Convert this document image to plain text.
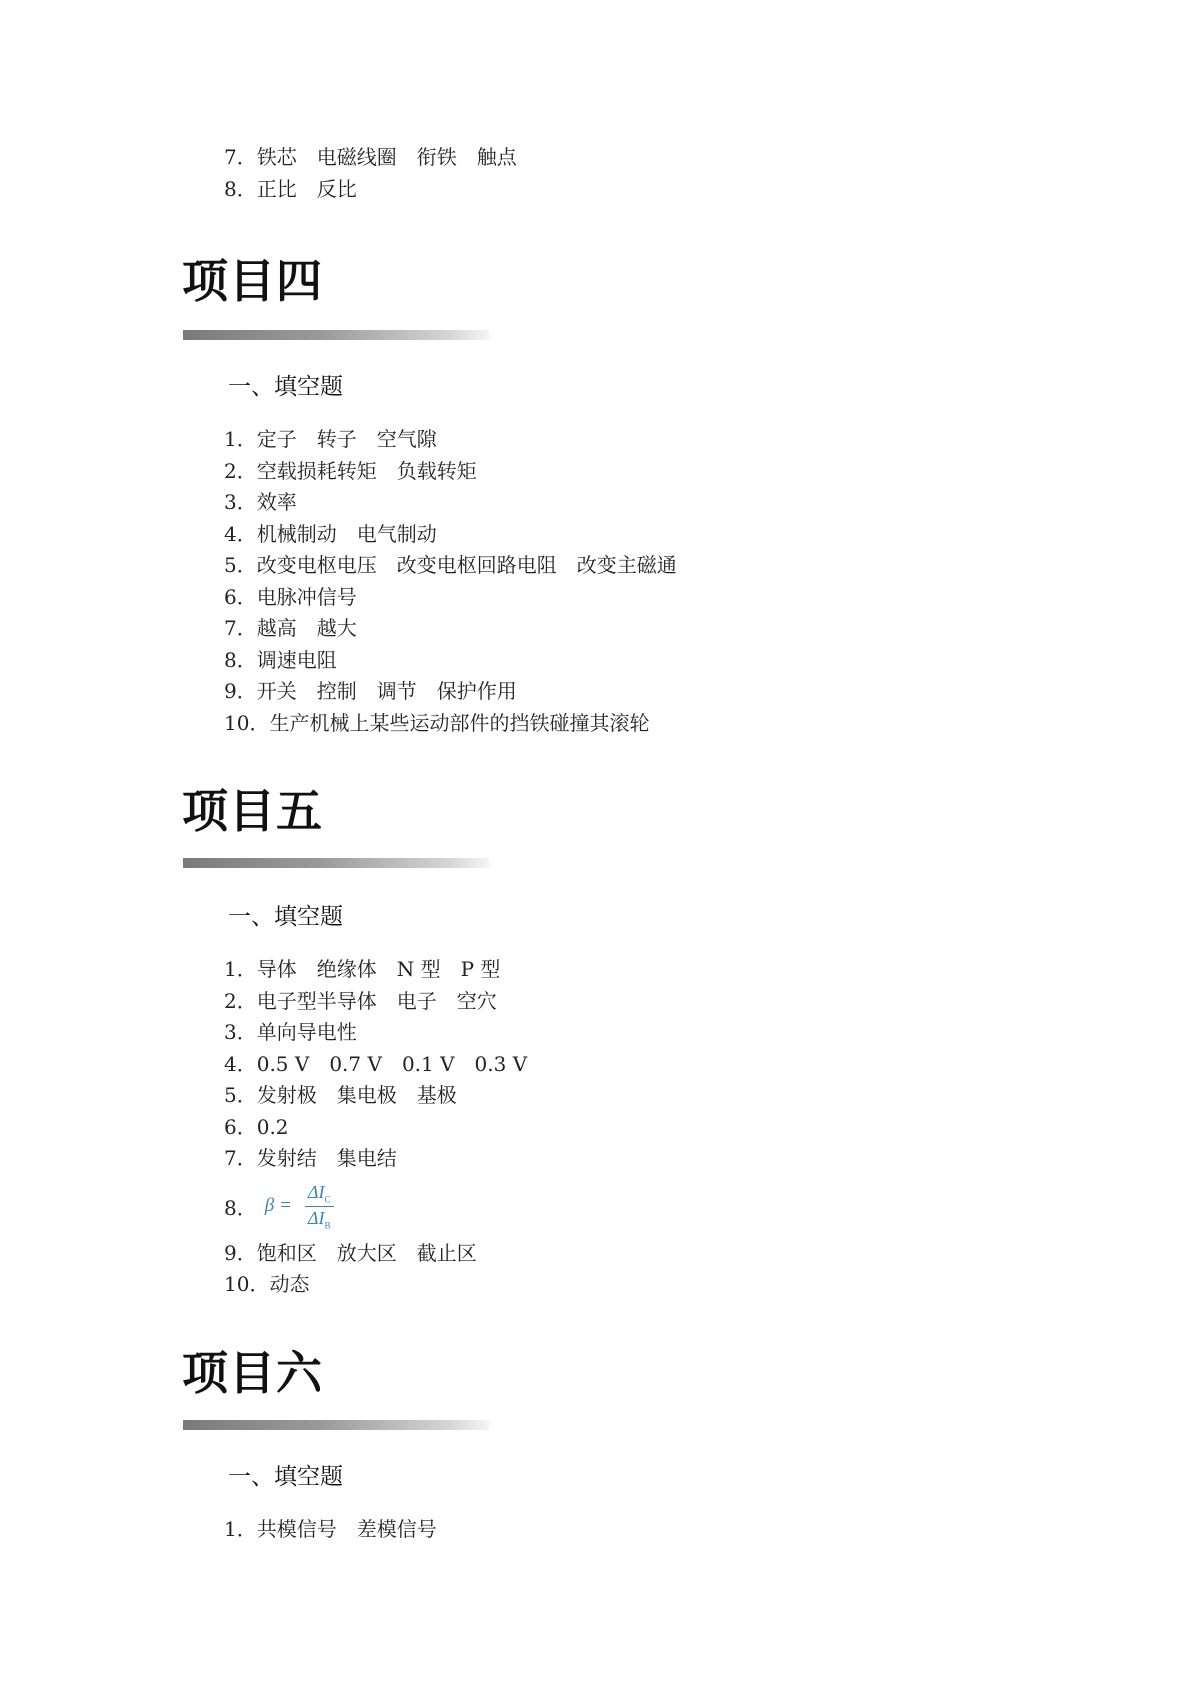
7．铁芯　电磁线圈　衔铁　触点
8．正比　反比
项目四
一、填空题
1．定子　转子　空气隙
2．空载损耗转矩　负载转矩
3．效率
4．机械制动　电气制动
5．改变电枢电压　改变电枢回路电阻　改变主磁通
6．电脉冲信号
7．越高　越大
8．调速电阻
9．开关　控制　调节　保护作用
10．生产机械上某些运动部件的挡铁碰撞其滚轮
项目五
一、填空题
1．导体　绝缘体　N 型　P 型
2．电子型半导体　电子　空穴
3．单向导电性
4．0.5 V　0.7 V　0.1 V　0.3 V
5．发射极　集电极　基极
6．0.2
7．发射结　集电结
8． $\beta = \frac{\Delta I_C}{\Delta I_B}$
9．饱和区　放大区　截止区
10．动态
项目六
一、填空题
1．共模信号　差模信号
